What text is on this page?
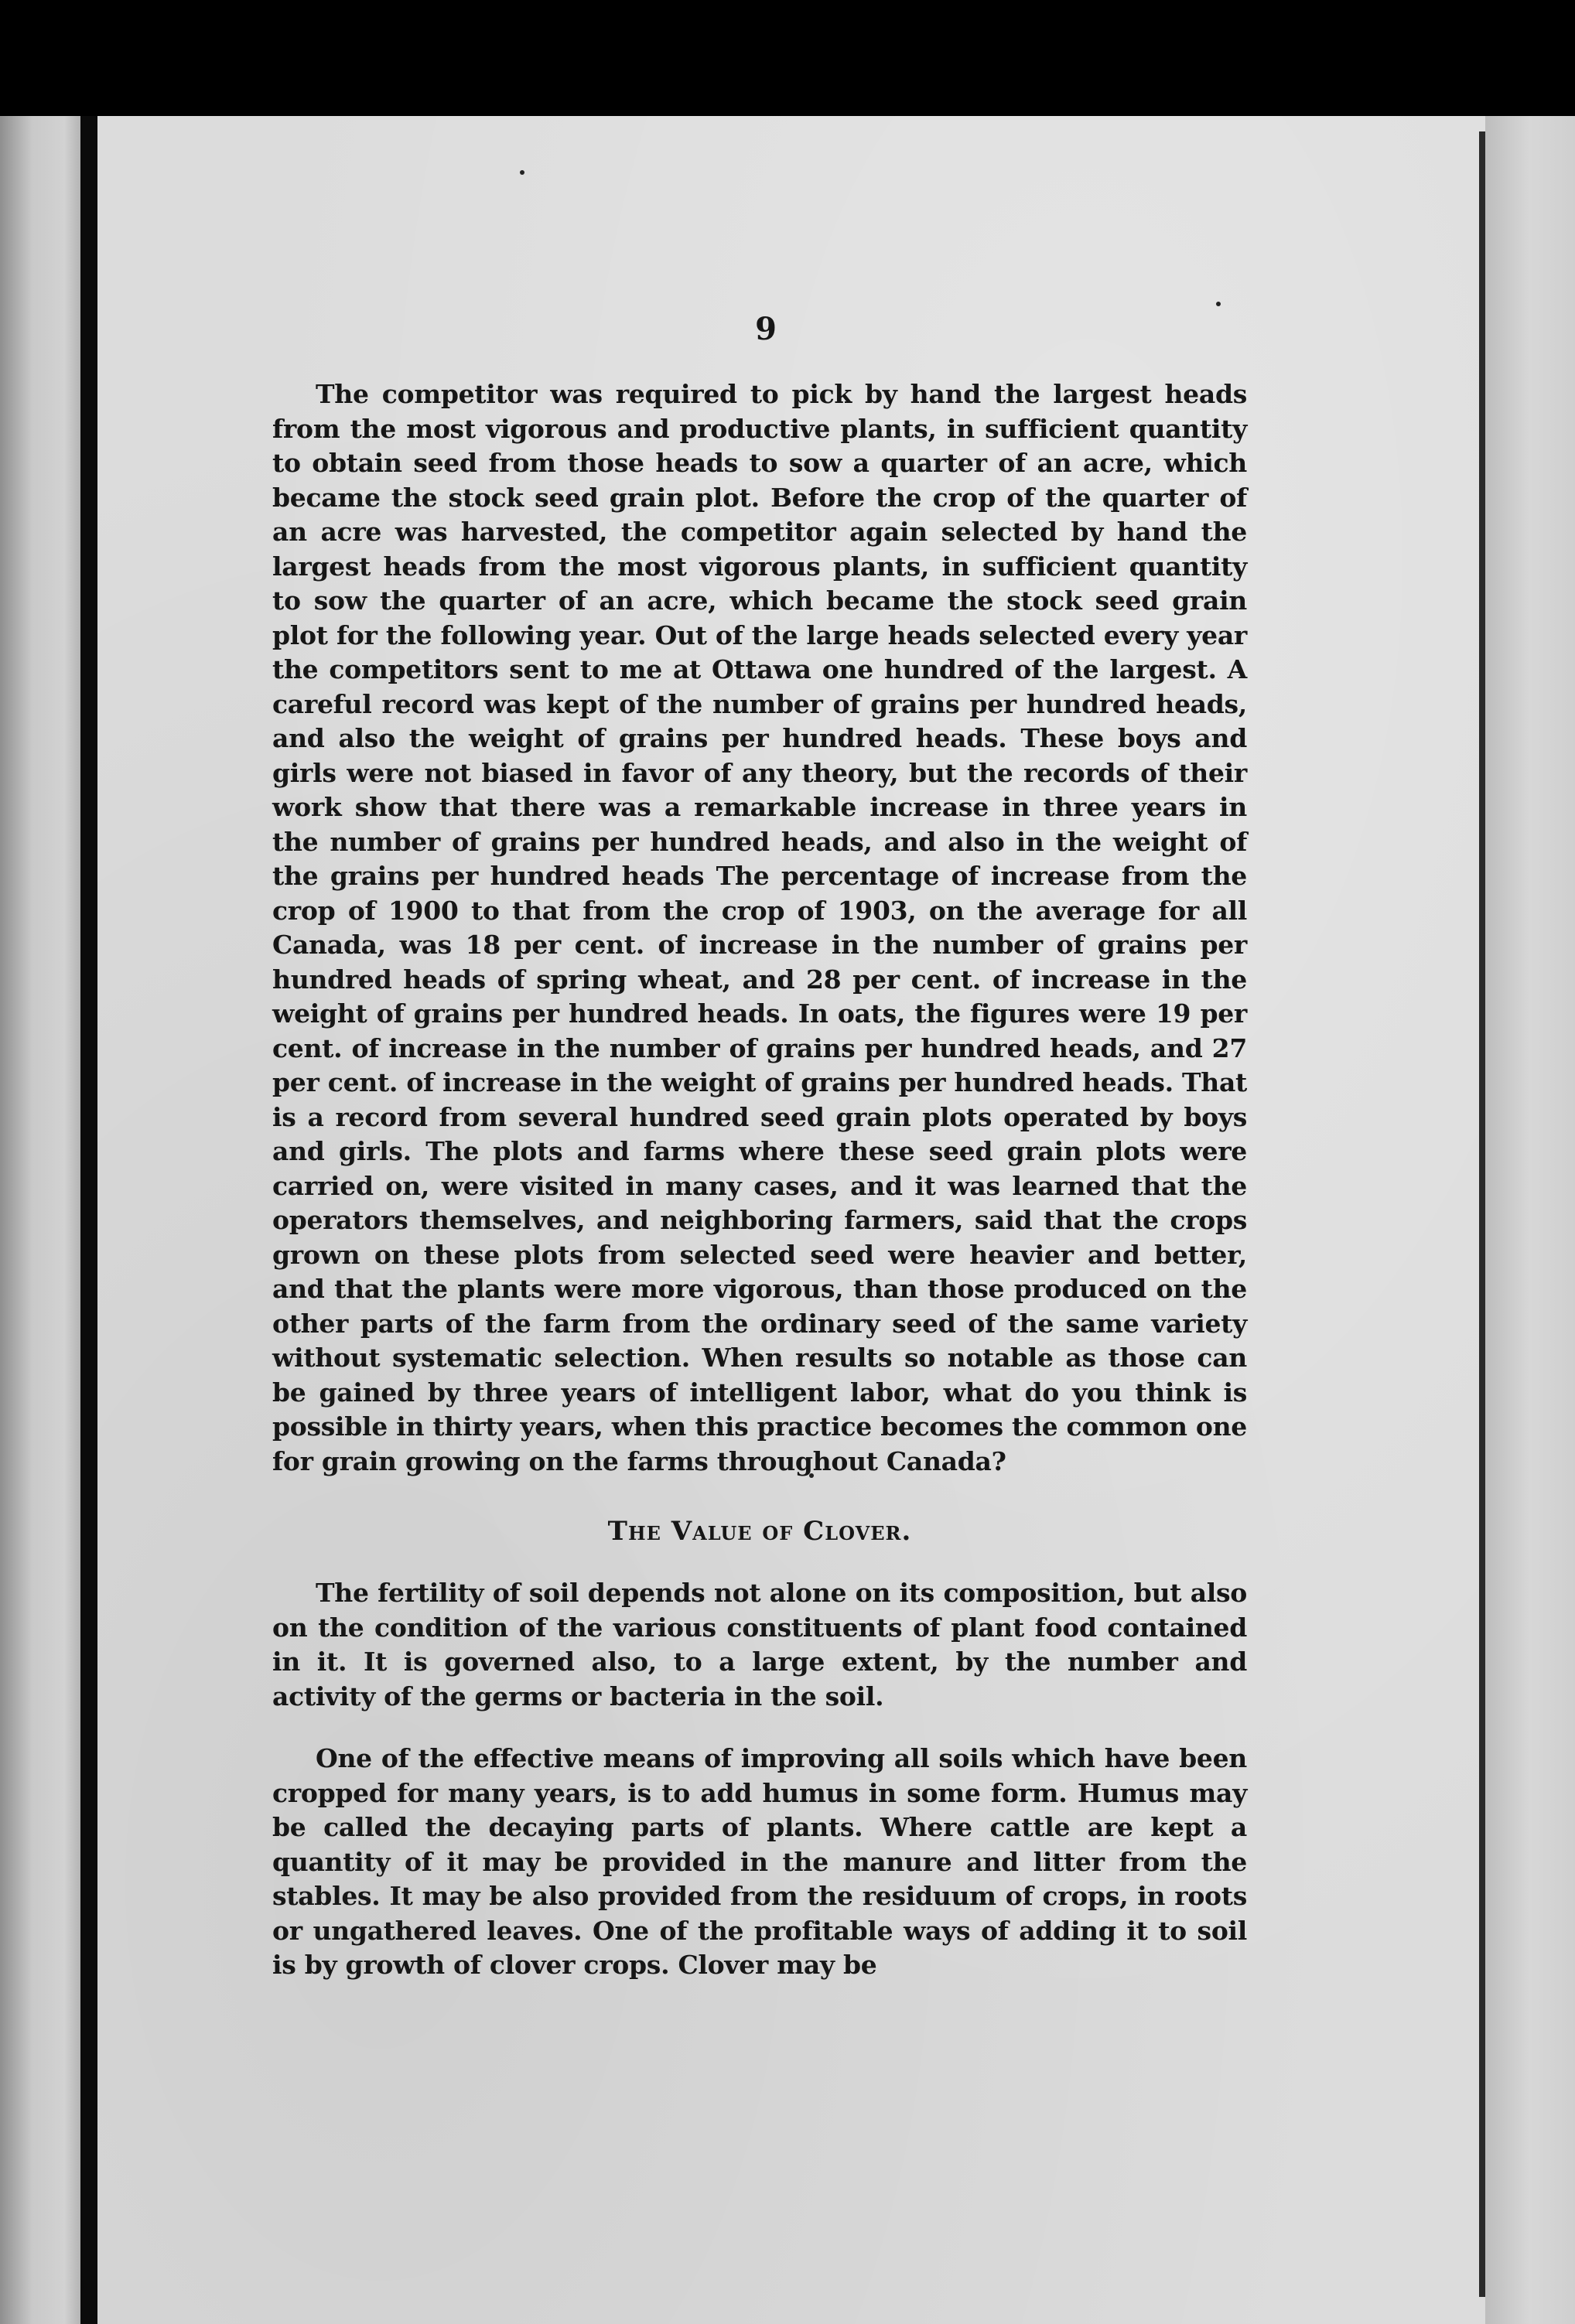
9
The competitor was required to pick by hand the largest heads from the most vigorous and productive plants, in sufficient quantity to obtain seed from those heads to sow a quarter of an acre, which became the stock seed grain plot. Before the crop of the quarter of an acre was harvested, the competitor again selected by hand the largest heads from the most vigorous plants, in sufficient quantity to sow the quarter of an acre, which became the stock seed grain plot for the following year. Out of the large heads selected every year the competitors sent to me at Ottawa one hundred of the largest. A careful record was kept of the number of grains per hundred heads, and also the weight of grains per hundred heads. These boys and girls were not biased in favor of any theory, but the records of their work show that there was a remarkable increase in three years in the number of grains per hundred heads, and also in the weight of the grains per hundred heads The percentage of increase from the crop of 1900 to that from the crop of 1903, on the average for all Canada, was 18 per cent. of increase in the number of grains per hundred heads of spring wheat, and 28 per cent. of increase in the weight of grains per hundred heads. In oats, the figures were 19 per cent. of increase in the number of grains per hundred heads, and 27 per cent. of increase in the weight of grains per hundred heads. That is a record from several hundred seed grain plots operated by boys and girls. The plots and farms where these seed grain plots were carried on, were visited in many cases, and it was learned that the operators themselves, and neighboring farmers, said that the crops grown on these plots from selected seed were heavier and better, and that the plants were more vigorous, than those produced on the other parts of the farm from the ordinary seed of the same variety without systematic selection. When results so notable as those can be gained by three years of intelligent labor, what do you think is possible in thirty years, when this practice becomes the common one for grain growing on the farms throughout Canada?
The Value of Clover.
The fertility of soil depends not alone on its composition, but also on the condition of the various constituents of plant food contained in it. It is governed also, to a large extent, by the number and activity of the germs or bacteria in the soil.
One of the effective means of improving all soils which have been cropped for many years, is to add humus in some form. Humus may be called the decaying parts of plants. Where cattle are kept a quantity of it may be provided in the manure and litter from the stables. It may be also provided from the residuum of crops, in roots or ungathered leaves. One of the profitable ways of adding it to soil is by growth of clover crops. Clover may be
